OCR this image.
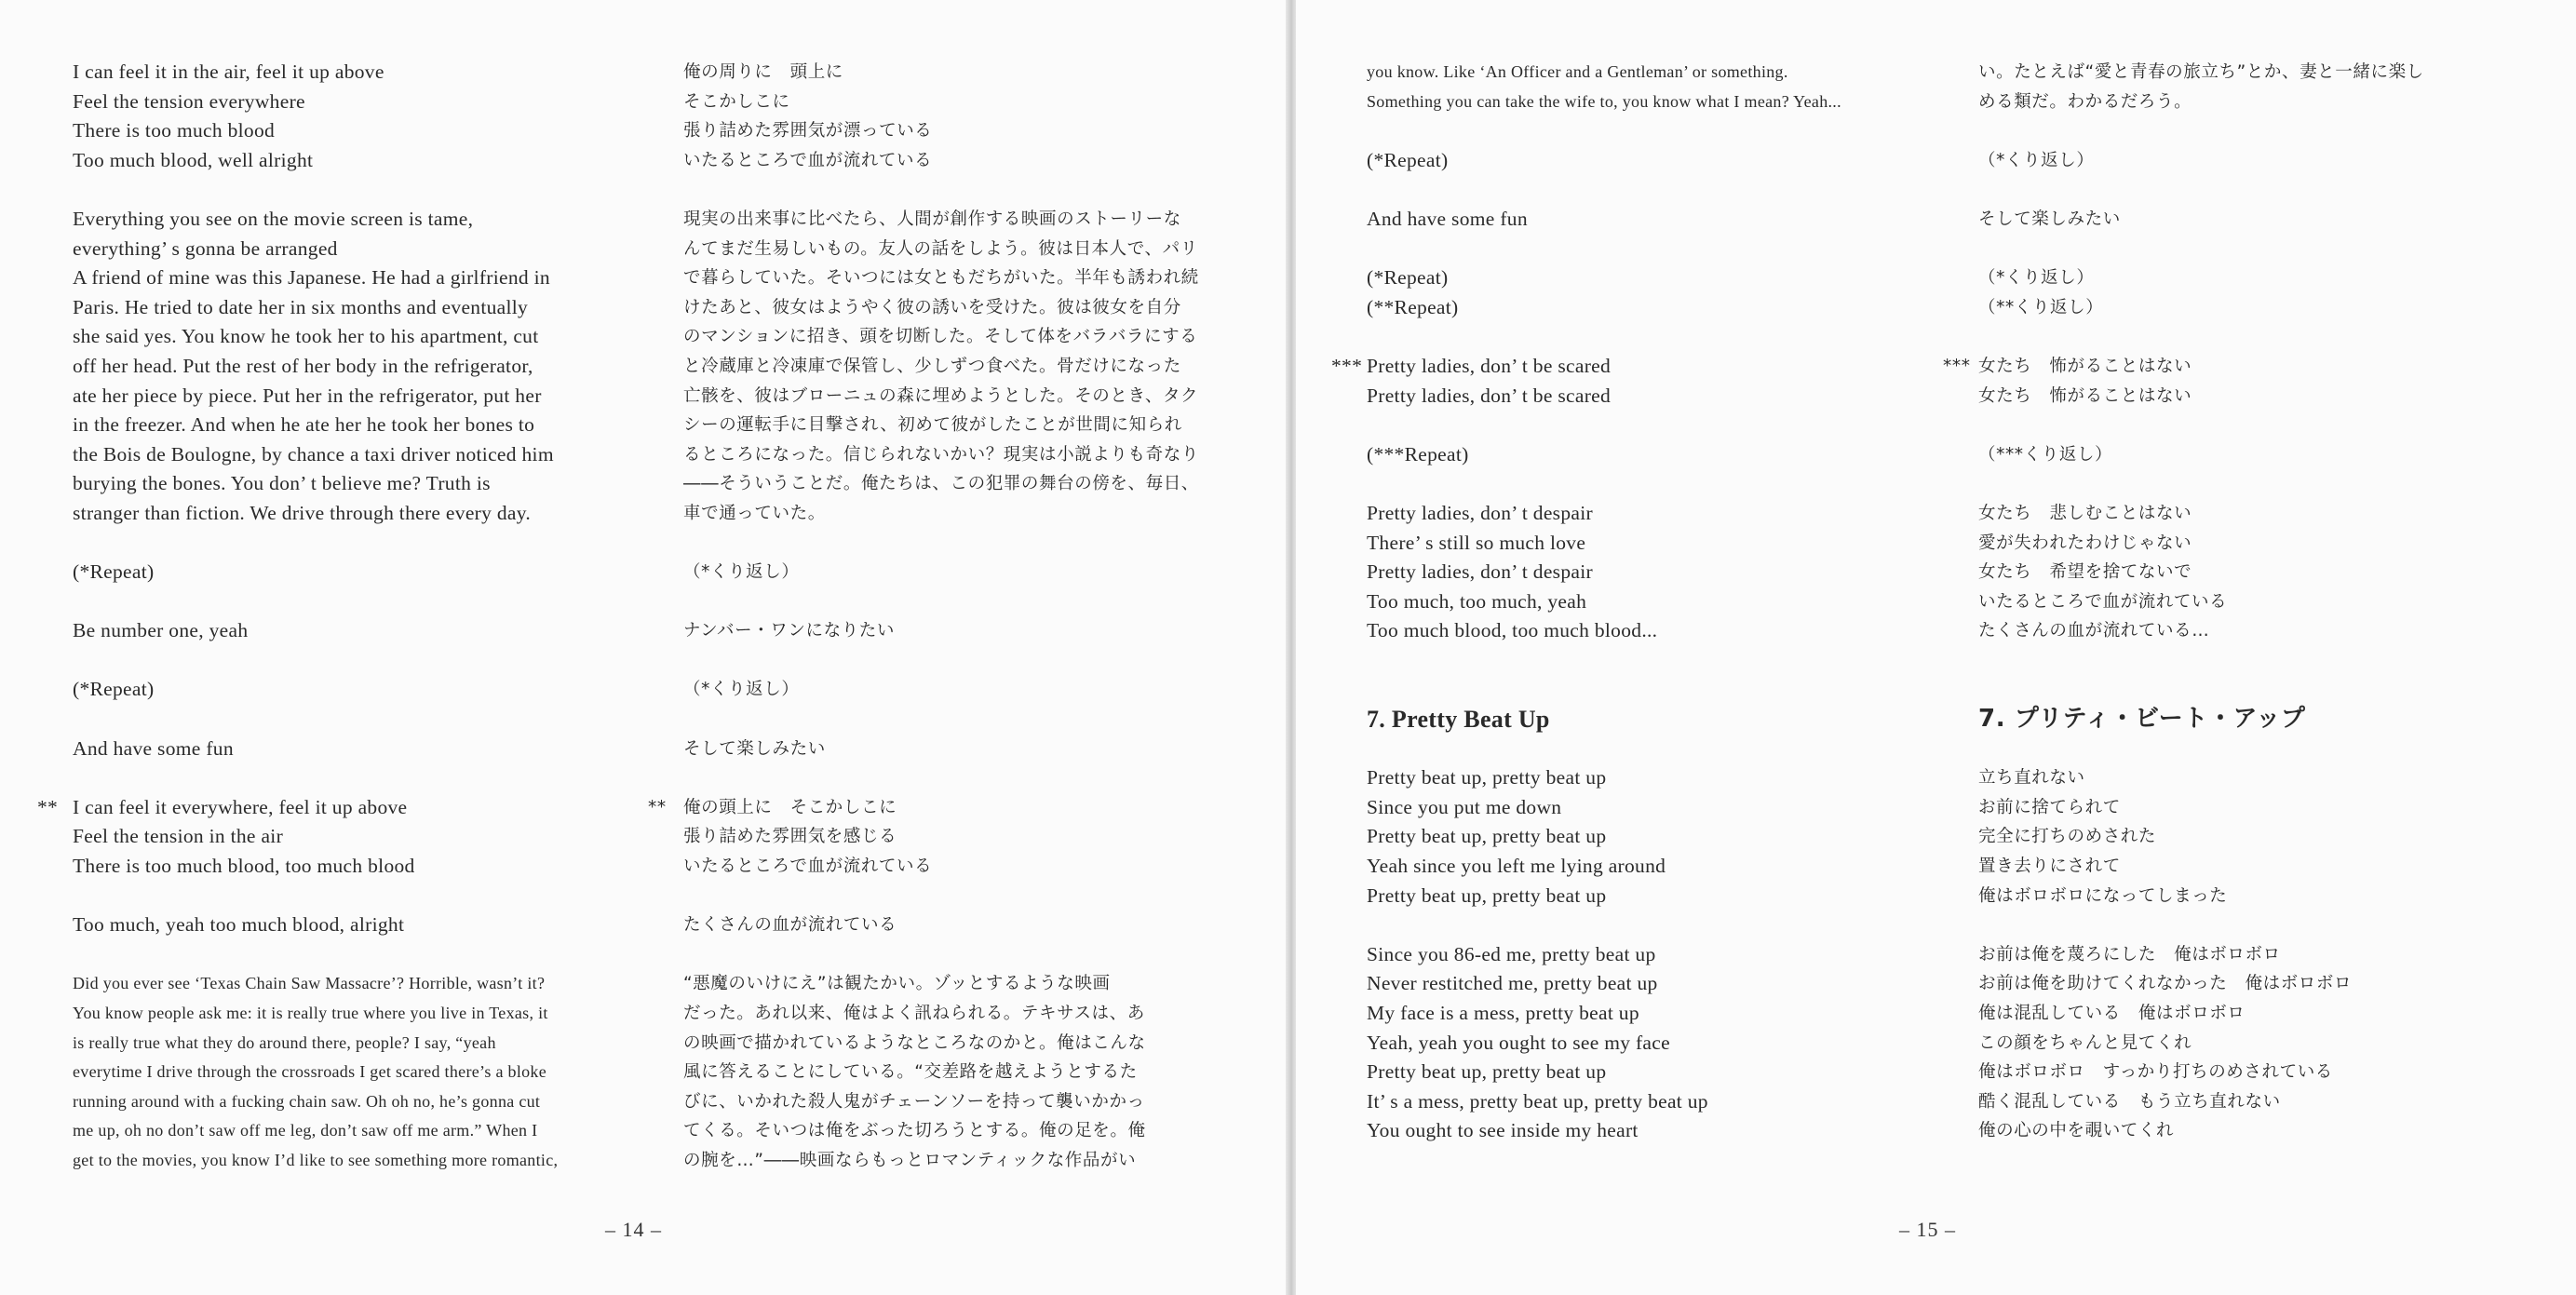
I can feel it in the air, feel it up above
Feel the tension everywhere
There is too much blood
Too much blood, well alright
Everything you see on the movie screen is tame,
everything’ s gonna be arranged
A friend of mine was this Japanese. He had a girlfriend in
Paris. He tried to date her in six months and eventually
she said yes. You know he took her to his apartment, cut
off her head. Put the rest of her body in the refrigerator,
ate her piece by piece. Put her in the refrigerator, put her
in the freezer. And when he ate her he took her bones to
the Bois de Boulogne, by chance a taxi driver noticed him
burying the bones. You don’ t believe me? Truth is
stranger than fiction. We drive through there every day.
(*Repeat)
Be number one, yeah
(*Repeat)
And have some fun
** I can feel it everywhere, feel it up above
Feel the tension in the air
There is too much blood, too much blood
Too much, yeah too much blood, alright
Did you ever see ‘Texas Chain Saw Massacre’? Horrible, wasn’t it?
You know people ask me: it is really true where you live in Texas, it
is really true what they do around there, people? I say, “yeah
everytime I drive through the crossroads I get scared there’s a bloke
running around with a fucking chain saw. Oh oh no, he’s gonna cut
me up, oh no don’t saw off me leg, don’t saw off me arm.” When I
get to the movies, you know I’d like to see something more romantic,
俺の周りに　頭上に
そこかしこに
張り詰めた雰囲気が漂っている
いたるところで血が流れている
現実の出来事に比べたら、人間が創作する映画のストーリーな
んてまだ生易しいもの。友人の話をしよう。彼は日本人で、パリ
で暮らしていた。そいつには女ともだちがいた。半年も誘われ続
けたあと、彼女はようやく彼の誘いを受けた。彼は彼女を自分
のマンションに招き、頭を切断した。そして体をバラバラにする
と冷蔵庫と冷凍庫で保管し、少しずつ食べた。骨だけになった
亡骸を、彼はブローニュの森に埋めようとした。そのとき、タク
シーの運転手に目撃され、初めて彼がしたことが世間に知られ
るところになった。信じられないかい？現実は小説よりも奇なり
――そういうことだ。俺たちは、この犯罪の舞台の傍を、毎日、
車で通っていた。
（*くり返し）
ナンバー・ワンになりたい
（*くり返し）
そして楽しみたい
** 俺の頭上に　そこかしこに
張り詰めた雰囲気を感じる
いたるところで血が流れている
たくさんの血が流れている
“悪魔のいけにえ”は観たかい。ゾッとするような映画
だった。あれ以来、俺はよく訊ねられる。テキサスは、あ
の映画で描かれているようなところなのかと。俺はこんな
風に答えることにしている。“交差路を越えようとするた
びに、いかれた殺人鬼がチェーンソーを持って襲いかかっ
てくる。そいつは俺をぶった切ろうとする。俺の足を。俺
の腕を…”――映画ならもっとロマンティックな作品がい
– 14 –
you know. Like ‘An Officer and a Gentleman’ or something.
Something you can take the wife to, you know what I mean? Yeah...
(*Repeat)
And have some fun
(*Repeat)
(**Repeat)
*** Pretty ladies, don’ t be scared
Pretty ladies, don’ t be scared
(***Repeat)
Pretty ladies, don’ t despair
There’ s still so much love
Pretty ladies, don’ t despair
Too much, too much, yeah
Too much blood, too much blood...
7. Pretty Beat Up
Pretty beat up, pretty beat up
Since you put me down
Pretty beat up, pretty beat up
Yeah since you left me lying around
Pretty beat up, pretty beat up
Since you 86-ed me, pretty beat up
Never restitched me, pretty beat up
My face is a mess, pretty beat up
Yeah, yeah you ought to see my face
Pretty beat up, pretty beat up
It’ s a mess, pretty beat up, pretty beat up
You ought to see inside my heart
い。たとえば“愛と青春の旅立ち”とか、妻と一緒に楽し
める類だ。わかるだろう。
（*くり返し）
そして楽しみたい
（*くり返し）
（**くり返し）
*** 女たち　怖がることはない
女たち　怖がることはない
（***くり返し）
女たち　悲しむことはない
愛が失われたわけじゃない
女たち　希望を捨てないで
いたるところで血が流れている
たくさんの血が流れている…
7. プリティ・ビート・アップ
立ち直れない
お前に捨てられて
完全に打ちのめされた
置き去りにされて
俺はボロボロになってしまった
お前は俺を蔑ろにした　俺はボロボロ
お前は俺を助けてくれなかった　俺はボロボロ
俺は混乱している　俺はボロボロ
この顔をちゃんと見てくれ
俺はボロボロ　すっかり打ちのめされている
酷く混乱している　もう立ち直れない
俺の心の中を覗いてくれ
– 15 –
